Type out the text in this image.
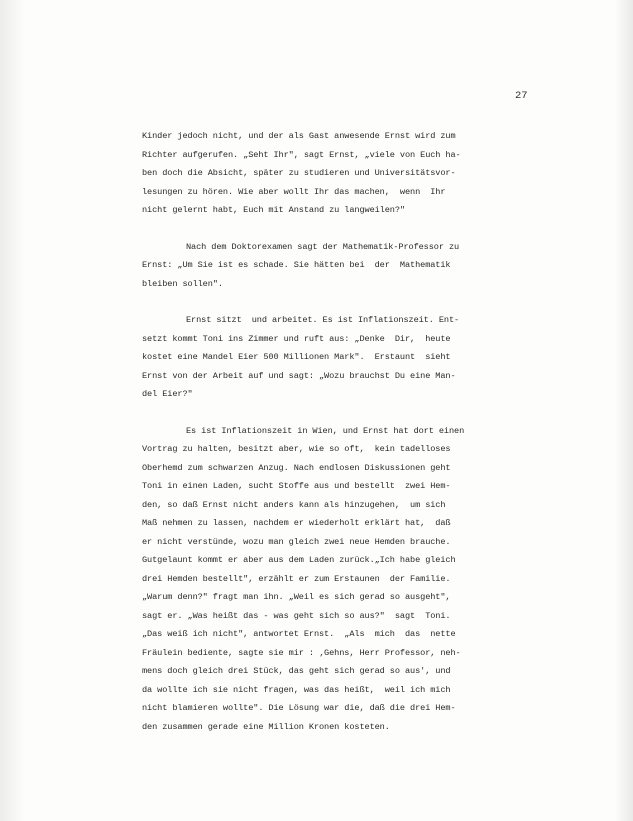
27
Kinder jedoch nicht, und der als Gast anwesende Ernst wird zum
Richter aufgerufen. „Seht Ihr", sagt Ernst, „viele von Euch ha-
ben doch die Absicht, später zu studieren und Universitätsvor-
lesungen zu hören. Wie aber wollt Ihr das machen,  wenn  Ihr
nicht gelernt habt, Euch mit Anstand zu langweilen?"
Nach dem Doktorexamen sagt der Mathematik-Professor zu
Ernst: „Um Sie ist es schade. Sie hätten bei  der  Mathematik
bleiben sollen".
Ernst sitzt  und arbeitet. Es ist Inflationszeit. Ent-
setzt kommt Toni ins Zimmer und ruft aus: „Denke  Dir,  heute
kostet eine Mandel Eier 500 Millionen Mark".  Erstaunt  sieht
Ernst von der Arbeit auf und sagt: „Wozu brauchst Du eine Man-
del Eier?"
Es ist Inflationszeit in Wien, und Ernst hat dort einen
Vortrag zu halten, besitzt aber, wie so oft,  kein tadelloses
Oberhemd zum schwarzen Anzug. Nach endlosen Diskussionen geht
Toni in einen Laden, sucht Stoffe aus und bestellt  zwei Hem-
den, so daß Ernst nicht anders kann als hinzugehen,  um sich
Maß nehmen zu lassen, nachdem er wiederholt erklärt hat,  daß
er nicht verstünde, wozu man gleich zwei neue Hemden brauche.
Gutgelaunt kommt er aber aus dem Laden zurück.„Ich habe gleich
drei Hemden bestellt", erzählt er zum Erstaunen  der Familie.
„Warum denn?" fragt man ihn. „Weil es sich gerad so ausgeht",
sagt er. „Was heißt das - was geht sich so aus?"  sagt  Toni.
„Das weiß ich nicht", antwortet Ernst.  „Als  mich  das  nette
Fräulein bediente, sagte sie mir : ‚Gehns, Herr Professor, neh-
mens doch gleich drei Stück, das geht sich gerad so aus', und
da wollte ich sie nicht fragen, was das heißt,  weil ich mich
nicht blamieren wollte". Die Lösung war die, daß die drei Hem-
den zusammen gerade eine Million Kronen kosteten.
